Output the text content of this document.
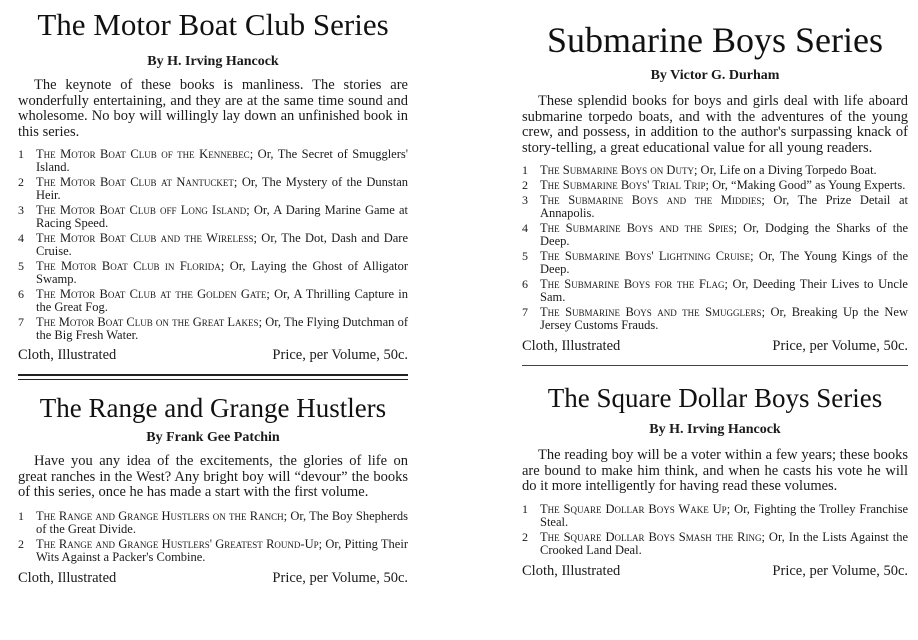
The Motor Boat Club Series

By H. Irving Hancock

The keynote of these books is manliness. The stories are wonderfully entertaining, and they are at the same time sound and wholesome. No boy will willingly lay down an unfinished book in this series.

1 The Motor Boat Club of the Kennebec; Or, The Secret of Smugglers' Island.
2 The Motor Boat Club at Nantucket; Or, The Mystery of the Dunstan Heir.
3 The Motor Boat Club off Long Island; Or, A Daring Marine Game at Racing Speed.
4 The Motor Boat Club and the Wireless; Or, The Dot, Dash and Dare Cruise.
5 The Motor Boat Club in Florida; Or, Laying the Ghost of Alligator Swamp.
6 The Motor Boat Club at the Golden Gate; Or, A Thrilling Capture in the Great Fog.
7 The Motor Boat Club on the Great Lakes; Or, The Flying Dutchman of the Big Fresh Water.
Cloth, Illustrated	Price, per Volume, 50c.
The Range and Grange Hustlers

By Frank Gee Patchin

Have you any idea of the excitements, the glories of life on great ranches in the West? Any bright boy will “devour” the books of this series, once he has made a start with the first volume.

1 The Range and Grange Hustlers on the Ranch; Or, The Boy Shepherds of the Great Divide.
2 The Range and Grange Hustlers' Greatest Round-Up; Or, Pitting Their Wits Against a Packer's Combine.
Cloth, Illustrated	Price, per Volume, 50c.
Submarine Boys Series

By Victor G. Durham

These splendid books for boys and girls deal with life aboard submarine torpedo boats, and with the adventures of the young crew, and possess, in addition to the author's surpassing knack of story-telling, a great educational value for all young readers.

1 The Submarine Boys on Duty; Or, Life on a Diving Torpedo Boat.
2 The Submarine Boys' Trial Trip; Or, “Making Good” as Young Experts.
3 The Submarine Boys and the Middies; Or, The Prize Detail at Annapolis.
4 The Submarine Boys and the Spies; Or, Dodging the Sharks of the Deep.
5 The Submarine Boys' Lightning Cruise; Or, The Young Kings of the Deep.
6 The Submarine Boys for the Flag; Or, Deeding Their Lives to Uncle Sam.
7 The Submarine Boys and the Smugglers; Or, Breaking Up the New Jersey Customs Frauds.
Cloth, Illustrated	Price, per Volume, 50c.
The Square Dollar Boys Series

By H. Irving Hancock

The reading boy will be a voter within a few years; these books are bound to make him think, and when he casts his vote he will do it more intelligently for having read these volumes.

1 The Square Dollar Boys Wake Up; Or, Fighting the Trolley Franchise Steal.
2 The Square Dollar Boys Smash the Ring; Or, In the Lists Against the Crooked Land Deal.
Cloth, Illustrated	Price, per Volume, 50c.
